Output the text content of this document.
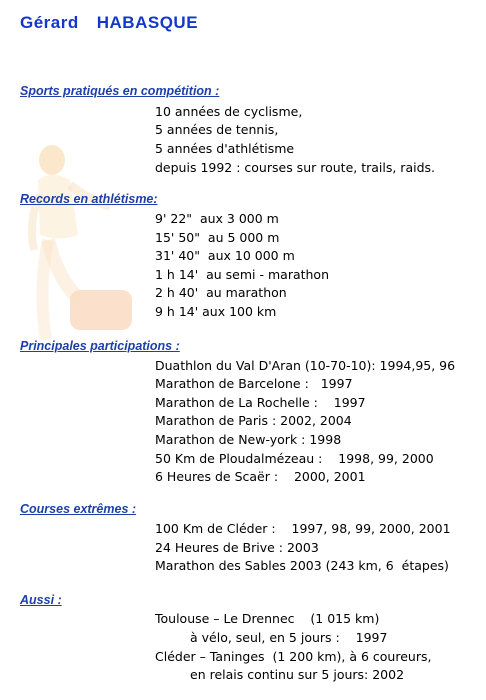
Gérard HABASQUE
Sports pratiqués en compétition :
10 années de cyclisme,
5 années de tennis,
5 années d'athlétisme
depuis 1992 : courses sur route, trails, raids.
Records en athlétisme:
9' 22"  aux 3 000 m
15' 50"  au 5 000 m
31' 40"  aux 10 000 m
1 h 14'  au semi - marathon
2 h 40'  au marathon
9 h 14' aux 100 km
Principales participations :
Duathlon du Val D'Aran (10-70-10): 1994,95, 96
Marathon de Barcelone :   1997
Marathon de La Rochelle :    1997
Marathon de Paris : 2002, 2004
Marathon de New-york : 1998
50 Km de Ploudalmézeau :    1998, 99, 2000
6 Heures de Scaër :    2000, 2001
Courses extrêmes :
100 Km de Cléder :    1997, 98, 99, 2000, 2001
24 Heures de Brive : 2003
Marathon des Sables 2003 (243 km, 6  étapes)
Aussi :
Toulouse – Le Drennec    (1 015 km)
à vélo, seul, en 5 jours :    1997
Cléder – Taninges  (1 200 km), à 6 coureurs,
en relais continu sur 5 jours: 2002
